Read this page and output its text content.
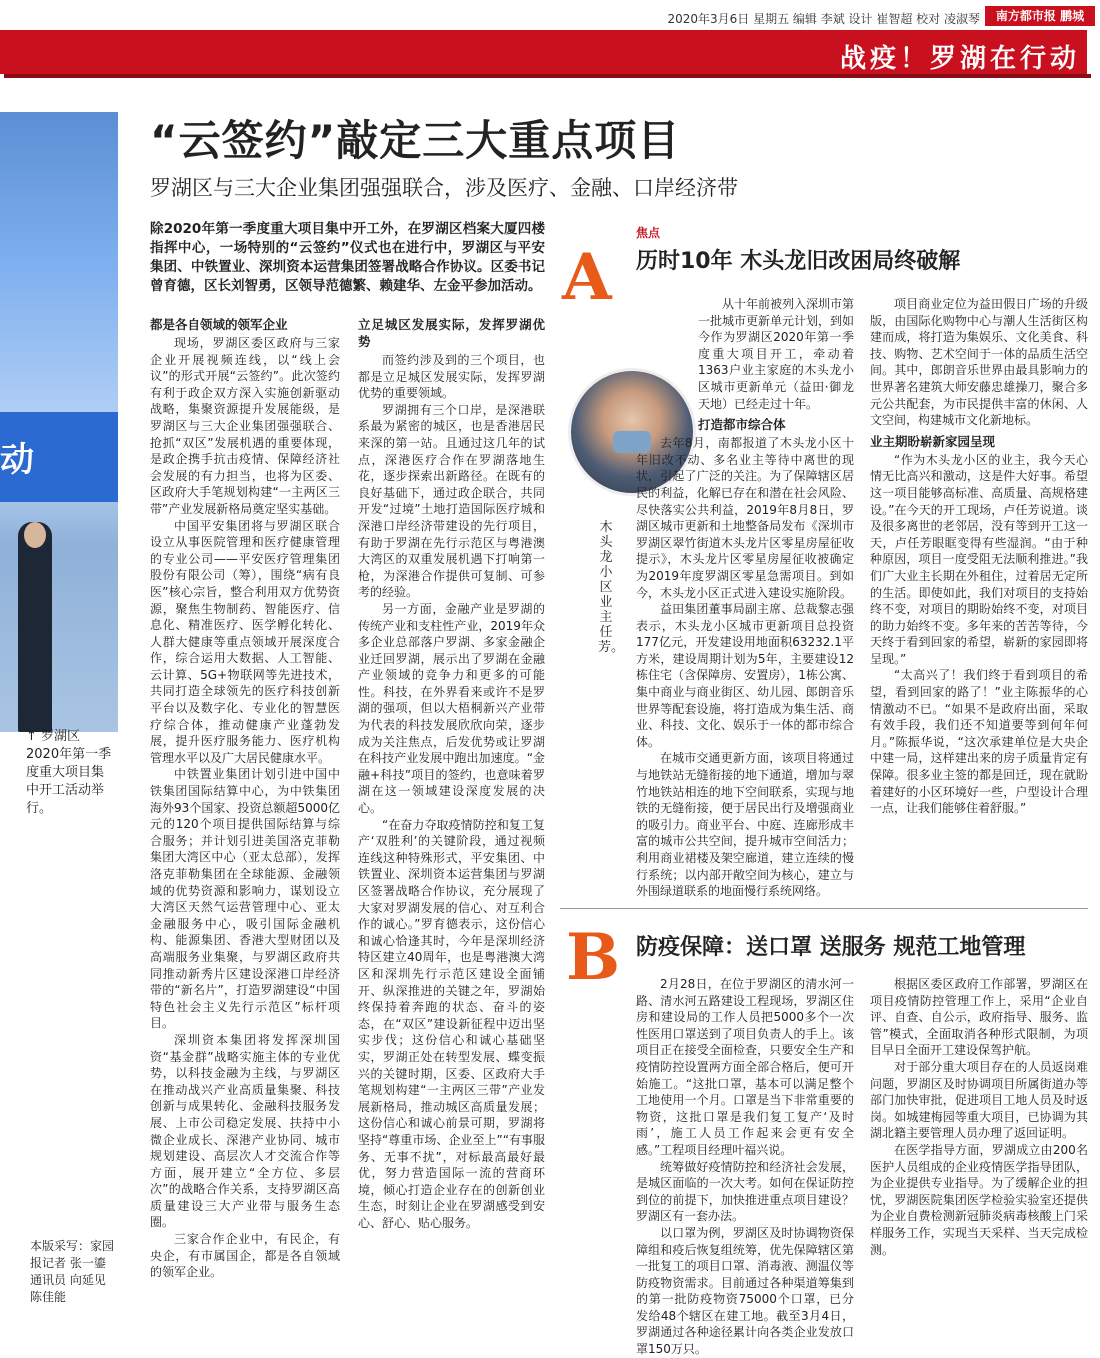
2020年3月6日 星期五 编辑 李斌 设计 崔智超 校对 凌淑琴	南方都市报 鹏城
战疫！罗湖在行动
动
↑ 罗湖区2020年第一季度重大项目集中开工活动举行。
本版采写：家园报记者 张一鎏 通讯员 向延见 陈佳能
“云签约”敲定三大重点项目
罗湖区与三大企业集团强强联合，涉及医疗、金融、口岸经济带
除2020年第一季度重大项目集中开工外，在罗湖区档案大厦四楼指挥中心，一场特别的“云签约”仪式也在进行中，罗湖区与平安集团、中铁置业、深圳资本运营集团签署战略合作协议。区委书记曾育德，区长刘智勇，区领导范德繁、赖建华、左金平参加活动。
都是各自领域的领军企业

现场，罗湖区委区政府与三家企业开展视频连线，以“线上会议”的形式开展“云签约”。此次签约有利于政企双方深入实施创新驱动战略，集聚资源提升发展能级，是罗湖区与三大企业集团强强联合、抢抓“双区”发展机遇的重要体现，是政企携手抗击疫情、保障经济社会发展的有力担当，也将为区委、区政府大手笔规划构建“一主两区三带”产业发展新格局奠定坚实基础。

中国平安集团将与罗湖区联合设立从事医院管理和医疗健康管理的专业公司——平安医疗管理集团股份有限公司（筹），围绕“病有良医”核心宗旨，整合利用双方优势资源，聚焦生物制药、智能医疗、信息化、精准医疗、医学孵化转化、人群大健康等重点领域开展深度合作，综合运用大数据、人工智能、云计算、5G+物联网等先进技术，共同打造全球领先的医疗科技创新平台以及数字化、专业化的智慧医疗综合体，推动健康产业蓬勃发展，提升医疗服务能力、医疗机构管理水平以及广大居民健康水平。

中铁置业集团计划引进中国中铁集团国际结算中心，为中铁集团海外93个国家、投资总额超5000亿元的120个项目提供国际结算与综合服务；并计划引进美国洛克菲勒集团大湾区中心（亚太总部），发挥洛克菲勒集团在全球能源、金融领域的优势资源和影响力，谋划设立大湾区天然气运营管理中心、亚太金融服务中心，吸引国际金融机构、能源集团、香港大型财团以及高端服务业集聚，与罗湖区政府共同推动新秀片区建设深港口岸经济带的“新名片”，打造罗湖建设“中国特色社会主义先行示范区”标杆项目。

深圳资本集团将发挥深圳国资“基金群”战略实施主体的专业优势，以科技金融为主线，与罗湖区在推动战兴产业高质量集聚、科技创新与成果转化、金融科技服务发展、上市公司稳定发展、扶持中小微企业成长、深港产业协同、城市规划建设、高层次人才交流合作等方面，展开建立“全方位、多层次”的战略合作关系，支持罗湖区高质量建设三大产业带与服务生态圈。

三家合作企业中，有民企，有央企，有市属国企，都是各自领域的领军企业。

立足城区发展实际，发挥罗湖优势

而签约涉及到的三个项目，也都是立足城区发展实际，发挥罗湖优势的重要领域。

罗湖拥有三个口岸，是深港联系最为紧密的城区，也是香港居民来深的第一站。且通过这几年的试点，深港医疗合作在罗湖落地生花，逐步探索出新路径。在既有的良好基础下，通过政企联合，共同开发“过境”土地打造国际医疗城和深港口岸经济带建设的先行项目，有助于罗湖在先行示范区与粤港澳大湾区的双重发展机遇下打响第一枪，为深港合作提供可复制、可参考的经验。

另一方面，金融产业是罗湖的传统产业和支柱性产业，2019年众多企业总部落户罗湖、多家金融企业迁回罗湖，展示出了罗湖在金融产业领域的竞争力和更多的可能性。科技，在外界看来或许不是罗湖的强项，但以大梧桐新兴产业带为代表的科技发展欣欣向荣，逐步成为关注焦点，后发优势或让罗湖在科技产业发展中跑出加速度。“金融+科技”项目的签约，也意味着罗湖在这一领域建设深度发展的决心。

“在奋力夺取疫情防控和复工复产‘双胜利’的关键阶段，通过视频连线这种特殊形式，平安集团、中铁置业、深圳资本运营集团与罗湖区签署战略合作协议，充分展现了大家对罗湖发展的信心、对互利合作的诚心。”罗育德表示，这份信心和诚心恰逢其时，今年是深圳经济特区建立40周年，也是粤港澳大湾区和深圳先行示范区建设全面铺开、纵深推进的关键之年，罗湖始终保持着奔跑的状态、奋斗的姿态，在“双区”建设新征程中迈出坚实步伐；这份信心和诚心基础坚实，罗湖正处在转型发展、蝶变振兴的关键时期，区委、区政府大手笔规划构建“一主两区三带”产业发展新格局，推动城区高质量发展；这份信心和诚心前景可期，罗湖将坚持“尊重市场、企业至上”“有事服务、无事不扰”，对标最高最好最优，努力营造国际一流的营商环境，倾心打造企业存在的创新创业生态，时刻让企业在罗湖感受到安心、舒心、贴心服务。

A
焦点
历时10年 木头龙旧改困局终破解
木头龙小区业主任芳。

从十年前被列入深圳市第一批城市更新单元计划，到如今作为罗湖区2020年第一季度重大项目开工，牵动着1363户业主家庭的木头龙小区城市更新单元（益田·御龙天地）已经走过十年。

打造都市综合体

去年8月，南都报道了木头龙小区十年旧改不动、多名业主等待中离世的现状，引起了广泛的关注。为了保障辖区居民的利益，化解已存在和潜在社会风险、尽快落实公共利益，2019年8月8日，罗湖区城市更新和土地整备局发布《深圳市罗湖区翠竹街道木头龙片区零星房屋征收提示》，木头龙片区零星房屋征收被确定为2019年度罗湖区零星急需项目。到如今，木头龙小区正式进入建设实施阶段。

益田集团董事局副主席、总裁黎志强表示，木头龙小区城市更新项目总投资177亿元，开发建设用地面积63232.1平方米，建设周期计划为5年，主要建设12栋住宅（含保障房、安置房），1栋公寓、集中商业与商业街区、幼儿园、郎朗音乐世界等配套设施，将打造成为集生活、商业、科技、文化、娱乐于一体的都市综合体。

在城市交通更新方面，该项目将通过与地铁站无缝衔接的地下通道，增加与翠竹地铁站相连的地下空间联系，实现与地铁的无缝衔接，便于居民出行及增强商业的吸引力。商业平台、中庭、连廊形成丰富的城市公共空间，提升城市空间活力；利用商业裙楼及架空廊道，建立连续的慢行系统；以内部开敞空间为核心，建立与外围绿道联系的地面慢行系统网络。

项目商业定位为益田假日广场的升级版，由国际化购物中心与潮人生活街区构建而成，将打造为集娱乐、文化美食、科技、购物、艺术空间于一体的品质生活空间。其中，郎朗音乐世界由最具影响力的世界著名建筑大师安藤忠雄操刀，聚合多元公共配套，为市民提供丰富的休闲、人文空间，构建城市文化新地标。

业主期盼崭新家园呈现

“作为木头龙小区的业主，我今天心情无比高兴和激动，这是件大好事。希望这一项目能够高标准、高质量、高规格建设。”在今天的开工现场，卢任芳说道。谈及很多离世的老邻居，没有等到开工这一天，卢任芳眼眶变得有些湿润。“由于种种原因，项目一度受阻无法顺利推进。”我们广大业主长期在外租住，过着居无定所的生活。即使如此，我们对项目的支持始终不变，对项目的期盼始终不变，对项目的助力始终不变。多年来的苦苦等待，今天终于看到回家的希望，崭新的家园即将呈现。”

“太高兴了！我们终于看到项目的希望，看到回家的路了！”业主陈振华的心情激动不已。“如果不是政府出面，采取有效手段，我们还不知道要等到何年何月。”陈振华说，“这次承建单位是大央企中建一局，这样建出来的房子质量肯定有保障。很多业主签的都是回迁，现在就盼着建好的小区环境好一些，户型设计合理一点，让我们能够住着舒服。”

B 防疫保障：送口罩 送服务 规范工地管理

2月28日，在位于罗湖区的清水河一路、清水河五路建设工程现场，罗湖区住房和建设局的工作人员把5000多个一次性医用口罩送到了项目负责人的手上。该项目正在接受全面检查，只要安全生产和疫情防控设置两方面全部合格后，便可开始施工。“这批口罩，基本可以满足整个工地使用一个月。口罩是当下非常重要的物资，这批口罩是我们复工复产‘及时雨’，施工人员工作起来会更有安全感。”工程项目经理叶福兴说。

统筹做好疫情防控和经济社会发展，是城区面临的一次大考。如何在保证防控到位的前提下，加快推进重点项目建设？罗湖区有一套办法。

以口罩为例，罗湖区及时协调物资保障组和疫后恢复组统筹，优先保障辖区第一批复工的项目口罩、消毒液、测温仪等防疫物资需求。目前通过各种渠道筹集到的第一批防疫物资75000个口罩，已分发给48个辖区在建工地。截至3月4日，罗湖通过各种途径累计向各类企业发放口罩150万只。

根据区委区政府工作部署，罗湖区在项目疫情防控管理工作上，采用“企业自评、自查、自公示，政府指导、服务、监管”模式，全面取消各种形式限制，为项目早日全面开工建设保驾护航。

对于部分重大项目存在的人员返岗难问题，罗湖区及时协调项目所属街道办等部门加快审批，促进项目工地人员及时返岗。如城建梅园等重大项目，已协调为其湖北籍主要管理人员办理了返回证明。

在医学指导方面，罗湖成立由200名医护人员组成的企业疫情医学指导团队，为企业提供专业指导。为了缓解企业的担忧，罗湖医院集团医学检验实验室还提供为企业自费检测新冠肺炎病毒核酸上门采样服务工作，实现当天采样、当天完成检测。
